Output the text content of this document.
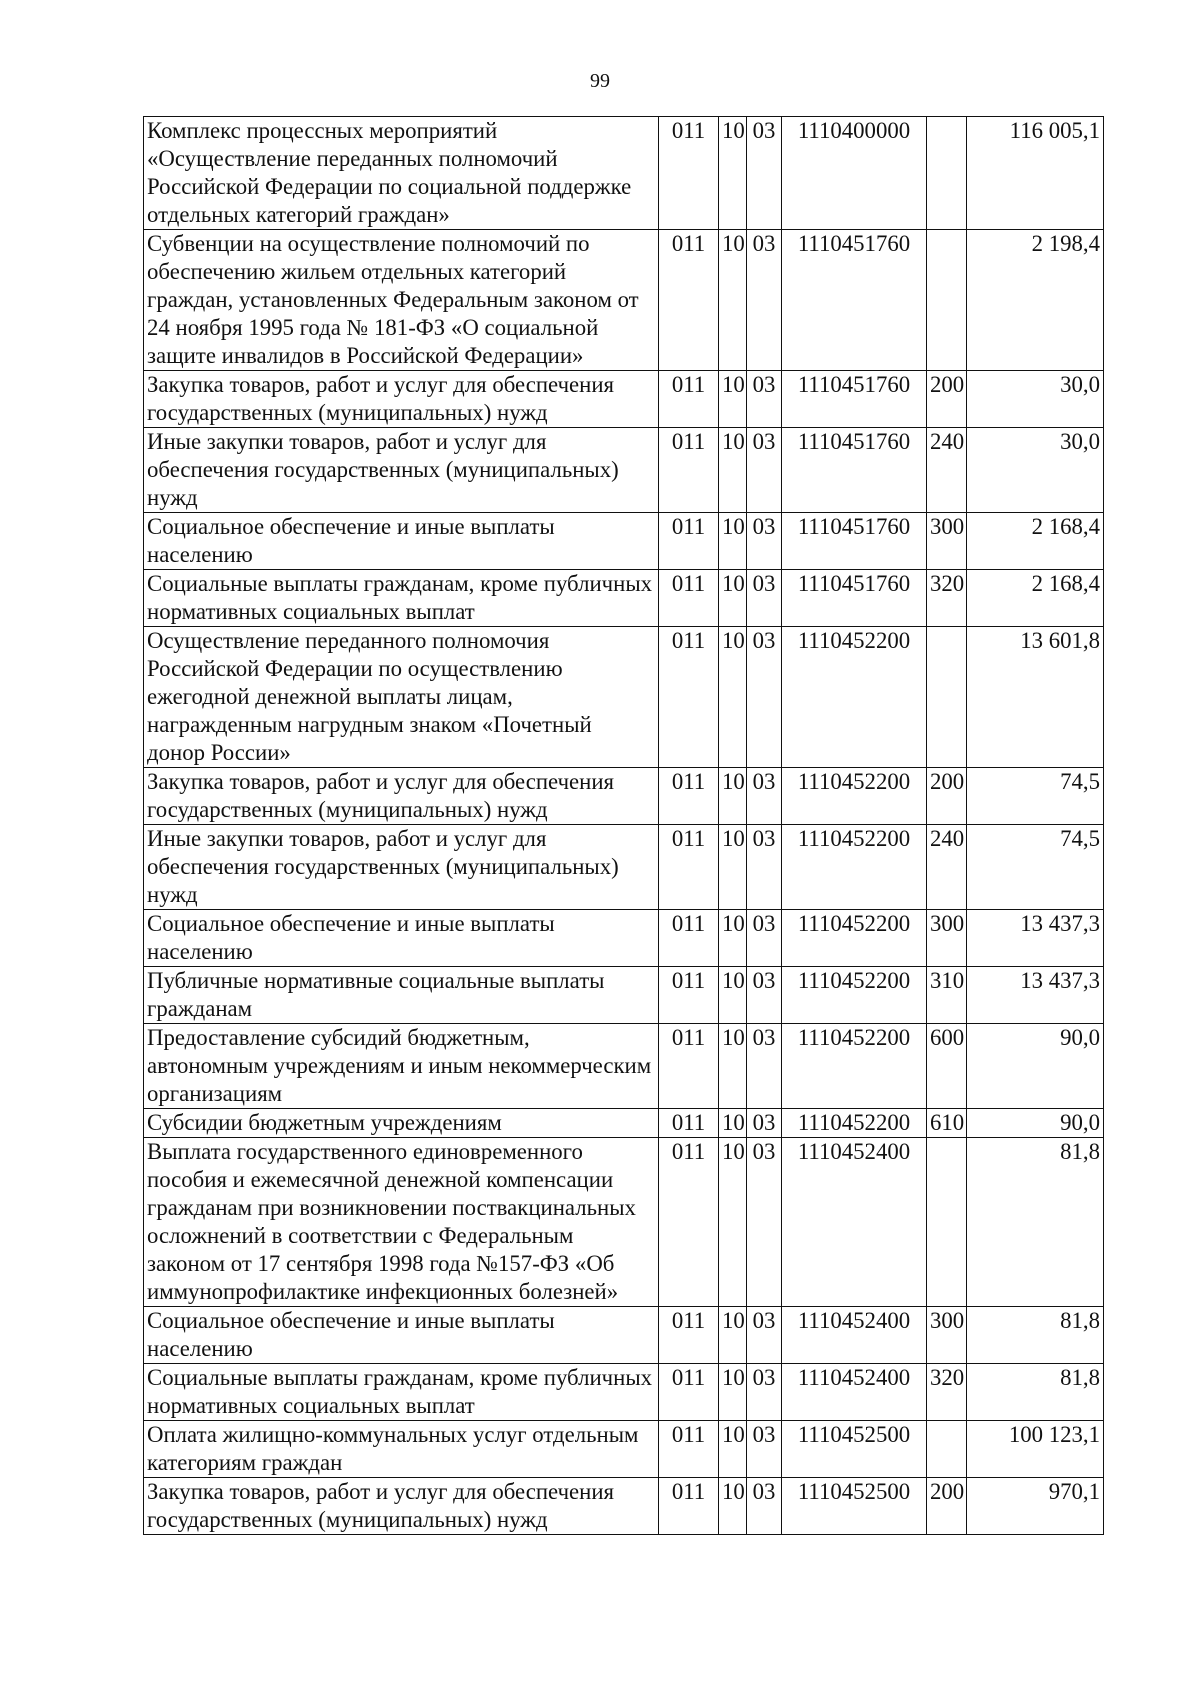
99
Комплекс процессных мероприятий «Осуществление переданных полномочий Российской Федерации по социальной поддержке отдельных категорий граждан»	011	10	03	1110400000		116 005,1
Субвенции на осуществление полномочий по обеспечению жильем отдельных категорий граждан, установленных Федеральным законом от 24 ноября 1995 года № 181-ФЗ «О социальной защите инвалидов в Российской Федерации»	011	10	03	1110451760		2 198,4
Закупка товаров, работ и услуг для обеспечения государственных (муниципальных) нужд	011	10	03	1110451760	200	30,0
Иные закупки товаров, работ и услуг для обеспечения государственных (муниципальных) нужд	011	10	03	1110451760	240	30,0
Социальное обеспечение и иные выплаты населению	011	10	03	1110451760	300	2 168,4
Социальные выплаты гражданам, кроме публичных нормативных социальных выплат	011	10	03	1110451760	320	2 168,4
Осуществление переданного полномочия Российской Федерации по осуществлению ежегодной денежной выплаты лицам, награжденным нагрудным знаком «Почетный донор России»	011	10	03	1110452200		13 601,8
Закупка товаров, работ и услуг для обеспечения государственных (муниципальных) нужд	011	10	03	1110452200	200	74,5
Иные закупки товаров, работ и услуг для обеспечения государственных (муниципальных) нужд	011	10	03	1110452200	240	74,5
Социальное обеспечение и иные выплаты населению	011	10	03	1110452200	300	13 437,3
Публичные нормативные социальные выплаты гражданам	011	10	03	1110452200	310	13 437,3
Предоставление субсидий бюджетным, автономным учреждениям и иным некоммерческим организациям	011	10	03	1110452200	600	90,0
Субсидии бюджетным учреждениям	011	10	03	1110452200	610	90,0
Выплата государственного единовременного пособия и ежемесячной денежной компенсации гражданам при возникновении поствакцинальных осложнений в соответствии с Федеральным законом от 17 сентября 1998 года №157-ФЗ «Об иммунопрофилактике инфекционных болезней»	011	10	03	1110452400		81,8
Социальное обеспечение и иные выплаты населению	011	10	03	1110452400	300	81,8
Социальные выплаты гражданам, кроме публичных нормативных социальных выплат	011	10	03	1110452400	320	81,8
Оплата жилищно-коммунальных услуг отдельным категориям граждан	011	10	03	1110452500		100 123,1
Закупка товаров, работ и услуг для обеспечения государственных (муниципальных) нужд	011	10	03	1110452500	200	970,1
